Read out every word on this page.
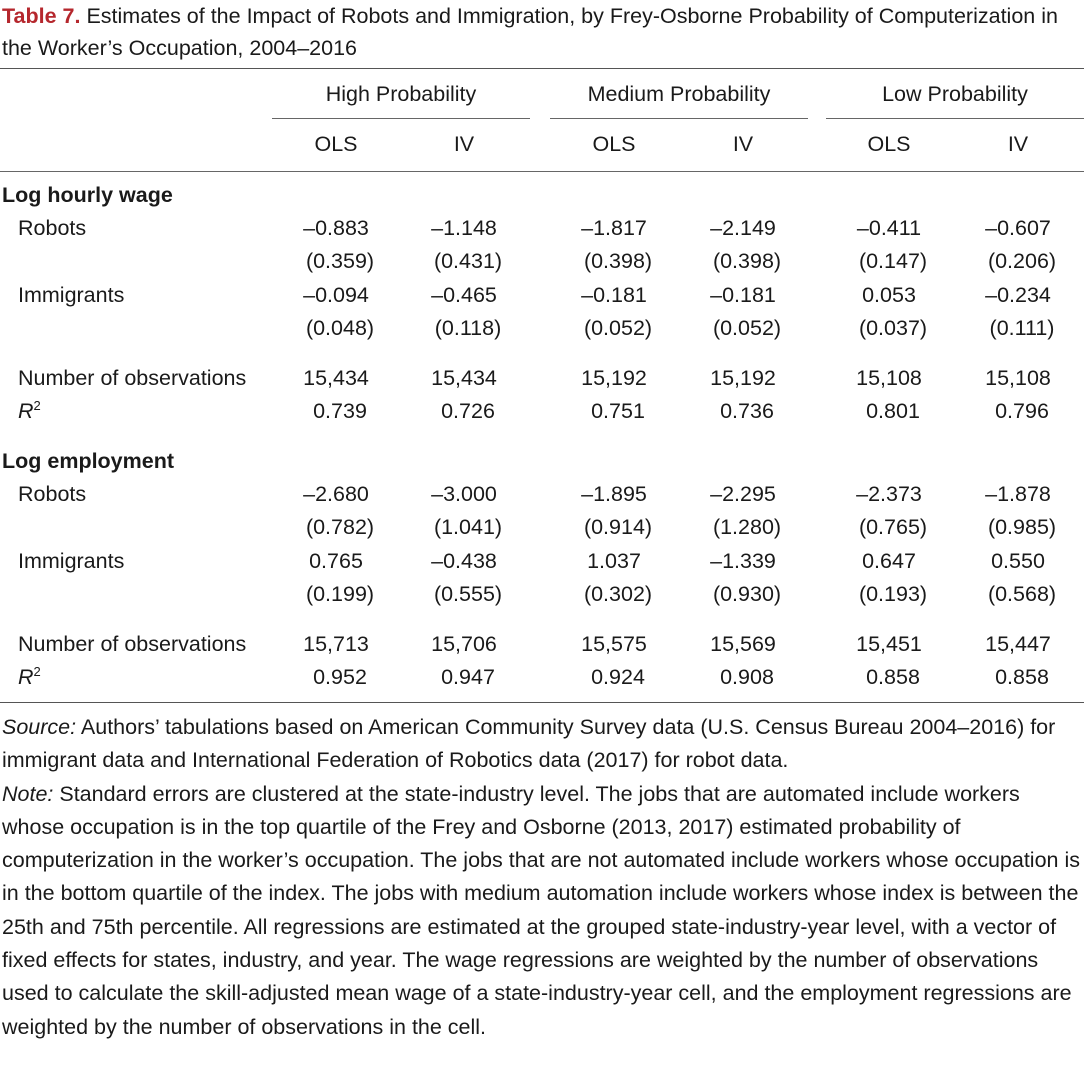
Table 7. Estimates of the Impact of Robots and Immigration, by Frey-Osborne Probability of Computerization in the Worker’s Occupation, 2004–2016
High Probability	Medium Probability	Low Probability
OLS	IV	OLS	IV	OLS	IV
Log hourly wage
Robots	–0.883	–1.148	–1.817	–2.149	–0.411	–0.607
(0.359)	(0.431)	(0.398)	(0.398)	(0.147)	(0.206)
Immigrants	–0.094	–0.465	–0.181	–0.181	0.053	–0.234
(0.048)	(0.118)	(0.052)	(0.052)	(0.037)	(0.111)
Number of observations	15,434	15,434	15,192	15,192	15,108	15,108
$R^2$	0.739	0.726	0.751	0.736	0.801	0.796
Log employment
Robots	–2.680	–3.000	–1.895	–2.295	–2.373	–1.878
(0.782)	(1.041)	(0.914)	(1.280)	(0.765)	(0.985)
Immigrants	0.765	–0.438	1.037	–1.339	0.647	0.550
(0.199)	(0.555)	(0.302)	(0.930)	(0.193)	(0.568)
Number of observations	15,713	15,706	15,575	15,569	15,451	15,447
$R^2$	0.952	0.947	0.924	0.908	0.858	0.858

Source: Authors’ tabulations based on American Community Survey data (U.S. Census Bureau 2004–2016) for immigrant data and International Federation of Robotics data (2017) for robot data.

Note: Standard errors are clustered at the state-industry level. The jobs that are automated include workers whose occupation is in the top quartile of the Frey and Osborne (2013, 2017) estimated probability of computerization in the worker’s occupation. The jobs that are not automated include workers whose occupation is in the bottom quartile of the index. The jobs with medium automation include workers whose index is between the 25th and 75th percentile. All regressions are estimated at the grouped state-industry-year level, with a vector of fixed effects for states, industry, and year. The wage regressions are weighted by the number of observations used to calculate the skill-adjusted mean wage of a state-industry-year cell, and the employment regressions are weighted by the number of observations in the cell.
